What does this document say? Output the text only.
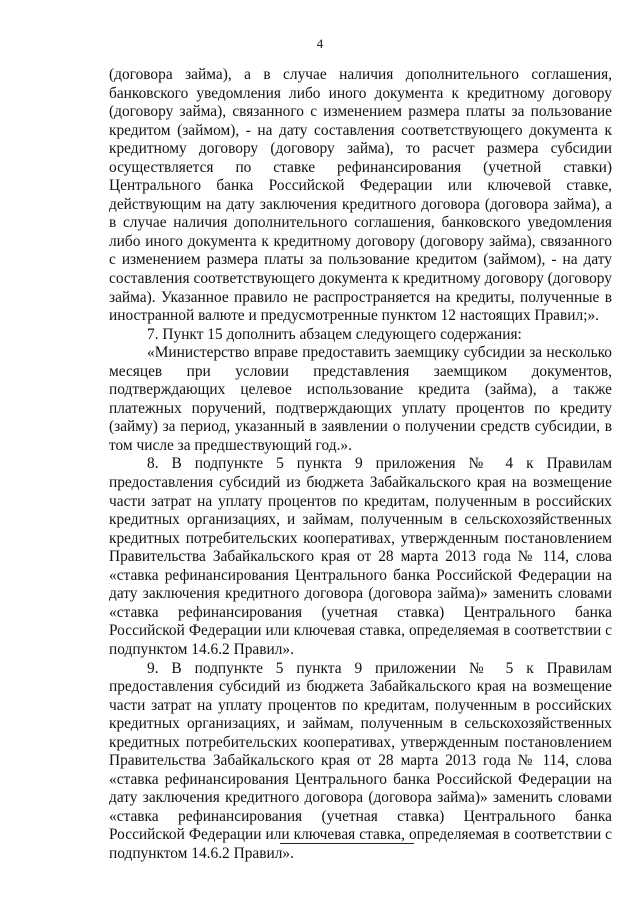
4

(договора займа), а в случае наличия дополнительного соглашения, банковского уведомления либо иного документа к кредитному договору (договору займа), связанного с изменением размера платы за пользование кредитом (займом), - на дату составления соответствующего документа к кредитному договору (договору займа), то расчет размера субсидии осуществляется по ставке рефинансирования (учетной ставки) Центрального банка Российской Федерации или ключевой ставке, действующим на дату заключения кредитного договора (договора займа), а в случае наличия дополнительного соглашения, банковского уведомления либо иного документа к кредитному договору (договору займа), связанного с изменением размера платы за пользование кредитом (займом), - на дату составления соответствующего документа к кредитному договору (договору займа). Указанное правило не распространяется на кредиты, полученные в иностранной валюте и предусмотренные пунктом 12 настоящих Правил;».

7. Пункт 15 дополнить абзацем следующего содержания:

«Министерство вправе предоставить заемщику субсидии за несколько месяцев при условии представления заемщиком документов, подтверждающих целевое использование кредита (займа), а также платежных поручений, подтверждающих уплату процентов по кредиту (займу) за период, указанный в заявлении о получении средств субсидии, в том числе за предшествующий год.».

8. В подпункте 5 пункта 9 приложения № 4 к Правилам предоставления субсидий из бюджета Забайкальского края на возмещение части затрат на уплату процентов по кредитам, полученным в российских кредитных организациях, и займам, полученным в сельскохозяйственных кредитных потребительских кооперативах, утвержденным постановлением Правительства Забайкальского края от 28 марта 2013 года № 114, слова «ставка рефинансирования Центрального банка Российской Федерации на дату заключения кредитного договора (договора займа)» заменить словами «ставка рефинансирования (учетная ставка) Центрального банка Российской Федерации или ключевая ставка, определяемая в соответствии с подпунктом 14.6.2 Правил».

9. В подпункте 5 пункта 9 приложении № 5 к Правилам предоставления субсидий из бюджета Забайкальского края на возмещение части затрат на уплату процентов по кредитам, полученным в российских кредитных организациях, и займам, полученным в сельскохозяйственных кредитных потребительских кооперативах, утвержденным постановлением Правительства Забайкальского края от 28 марта 2013 года № 114, слова «ставка рефинансирования Центрального банка Российской Федерации на дату заключения кредитного договора (договора займа)» заменить словами «ставка рефинансирования (учетная ставка) Центрального банка Российской Федерации или ключевая ставка, определяемая в соответствии с подпунктом 14.6.2 Правил».
